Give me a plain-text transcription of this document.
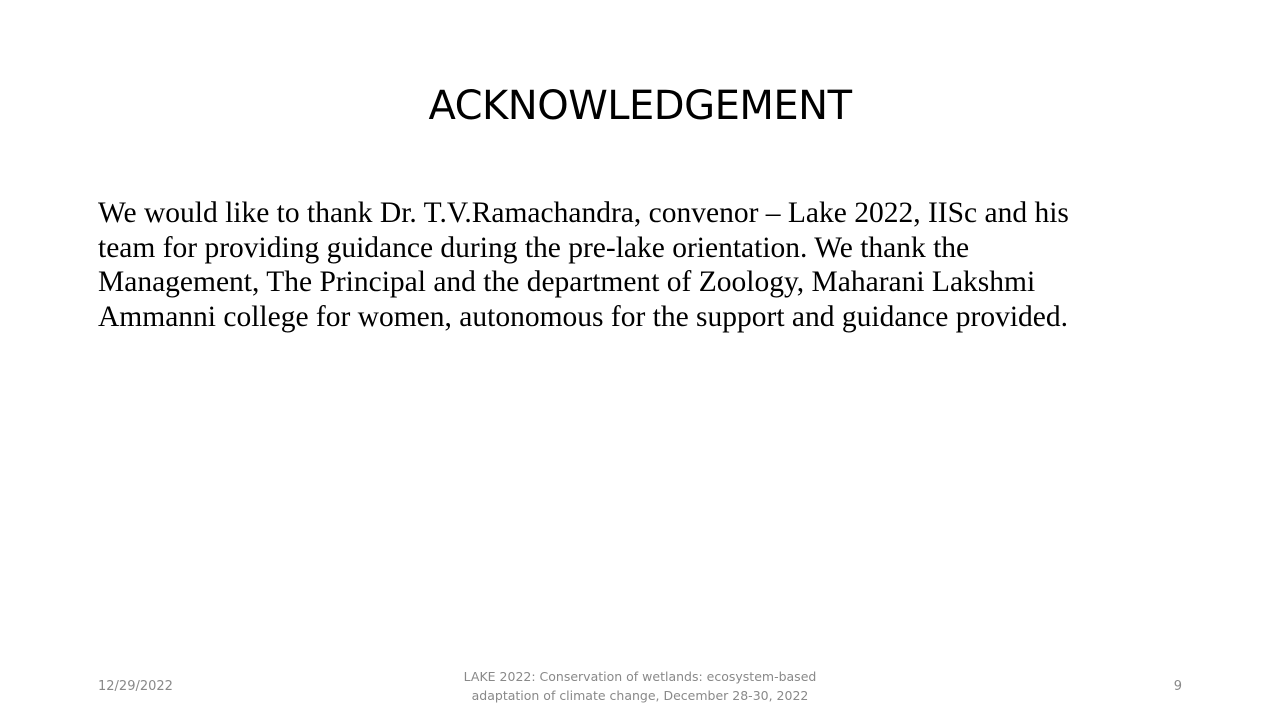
ACKNOWLEDGEMENT

We would like to thank Dr. T.V.Ramachandra, convenor – Lake 2022, IISc and his
team for providing guidance during the pre-lake orientation. We thank the
Management, The Principal and the department of Zoology, Maharani Lakshmi
Ammanni college for women, autonomous for the support and guidance provided.

12/29/2022
LAKE 2022: Conservation of wetlands: ecosystem-based
adaptation of climate change, December 28-30, 2022
9
